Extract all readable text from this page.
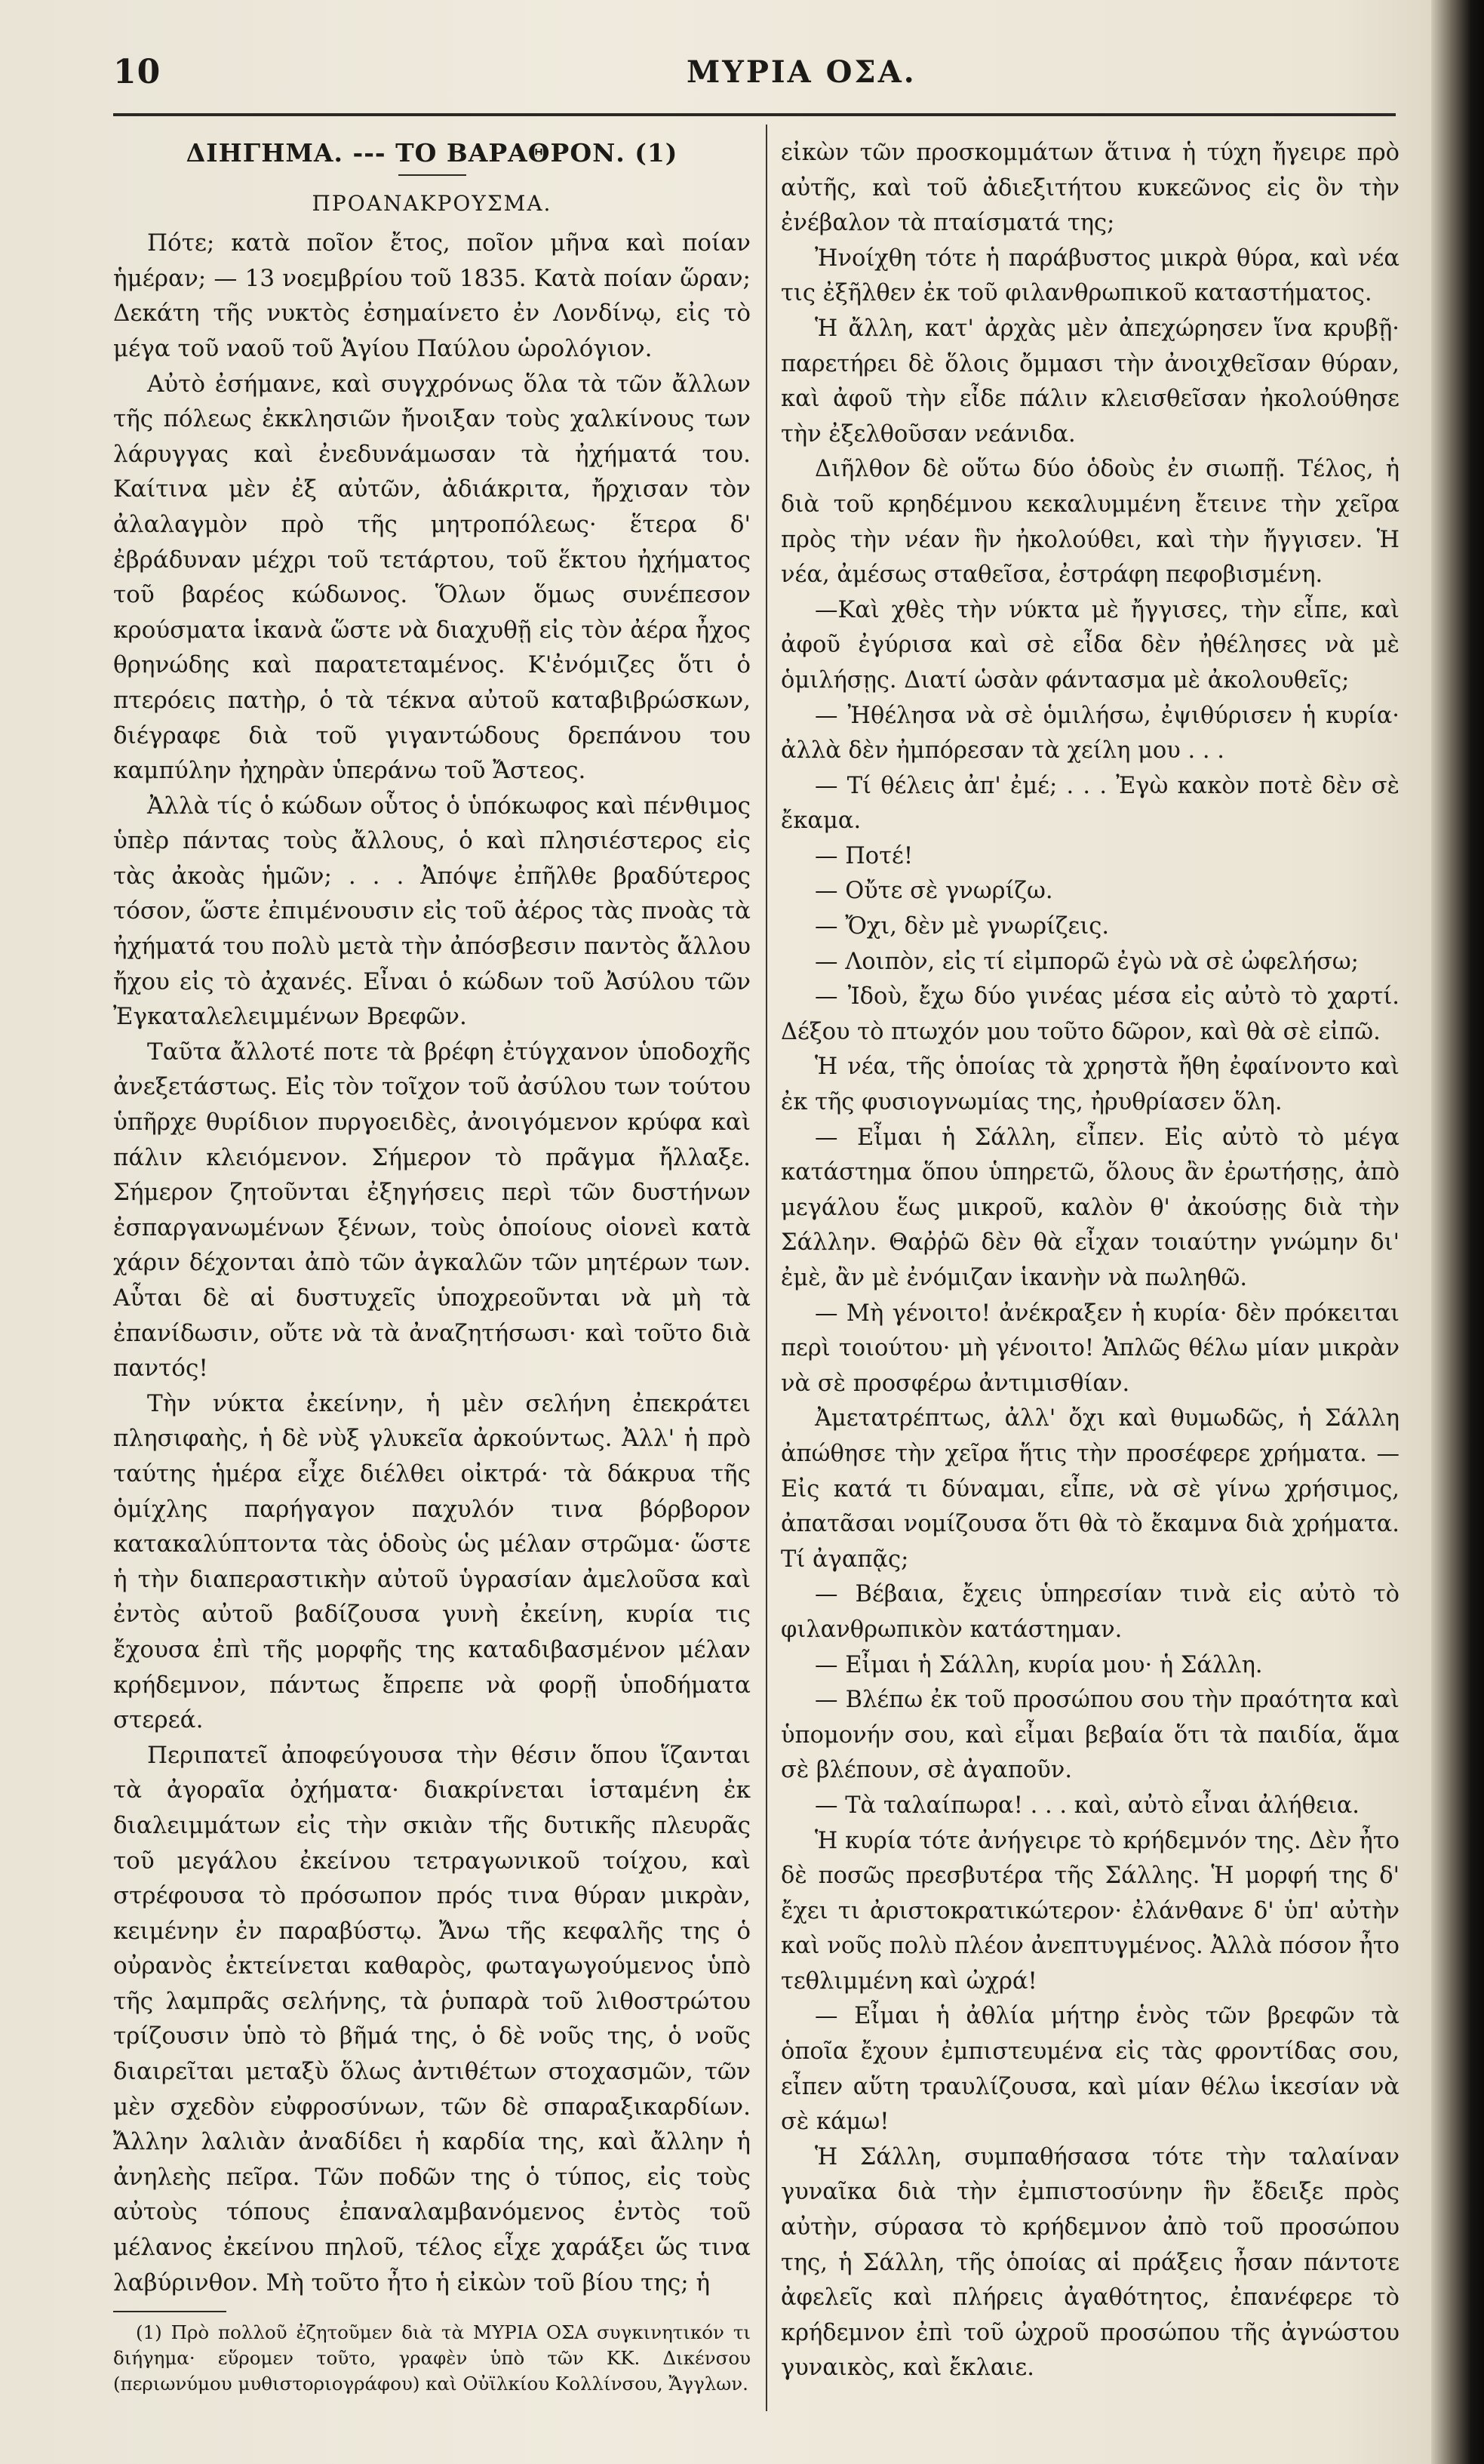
10	ΜΥΡΙΑ ΟΣΑ.
ΔΙΗΓΗΜΑ. --- ΤΟ ΒΑΡΑΘΡΟΝ. (1)
ΠΡΟΑΝΑΚΡΟΥΣΜΑ.

Πότε; κατὰ ποῖον ἔτος, ποῖον μῆνα καὶ ποίαν ἡμέραν; — 13 νοεμβρίου τοῦ 1835. Κατὰ ποίαν ὥραν; Δεκάτη τῆς νυκτὸς ἐσημαίνετο ἐν Λονδίνῳ, εἰς τὸ μέγα τοῦ ναοῦ τοῦ Ἁγίου Παύλου ὡρολόγιον.

Αὐτὸ ἐσήμανε, καὶ συγχρόνως ὅλα τὰ τῶν ἄλλων τῆς πόλεως ἐκκλησιῶν ἤνοιξαν τοὺς χαλκίνους των λάρυγγας καὶ ἐνεδυνάμωσαν τὰ ἠχήματά του. Καίτινα μὲν ἐξ αὐτῶν, ἀδιάκριτα, ἤρχισαν τὸν ἀλαλαγμὸν πρὸ τῆς μητροπόλεως· ἕτερα δ' ἐβράδυναν μέχρι τοῦ τετάρτου, τοῦ ἕκτου ἠχήματος τοῦ βαρέος κώδωνος. Ὅλων ὅμως συνέπεσον κρούσματα ἱκανὰ ὥστε νὰ διαχυθῇ εἰς τὸν ἀέρα ἦχος θρηνώδης καὶ παρατεταμένος. Κ'ἐνόμιζες ὅτι ὁ πτερόεις πατὴρ, ὁ τὰ τέκνα αὐτοῦ καταβιβρώσκων, διέγραφε διὰ τοῦ γιγαντώδους δρεπάνου του καμπύλην ἠχηρὰν ὑπεράνω τοῦ Ἄστεος.

Ἀλλὰ τίς ὁ κώδων οὗτος ὁ ὑπόκωφος καὶ πένθιμος ὑπὲρ πάντας τοὺς ἄλλους, ὁ καὶ πλησιέστερος εἰς τὰς ἀκοὰς ἡμῶν; . . . Ἀπόψε ἐπῆλθε βραδύτερος τόσον, ὥστε ἐπιμένουσιν εἰς τοῦ ἀέρος τὰς πνοὰς τὰ ἠχήματά του πολὺ μετὰ τὴν ἀπόσβεσιν παντὸς ἄλλου ἤχου εἰς τὸ ἀχανές. Εἶναι ὁ κώδων τοῦ Ἀσύλου τῶν Ἐγκαταλελειμμένων Βρεφῶν.

Ταῦτα ἄλλοτέ ποτε τὰ βρέφη ἐτύγχανον ὑποδοχῆς ἀνεξετάστως. Εἰς τὸν τοῖχον τοῦ ἀσύλου των τούτου ὑπῆρχε θυρίδιον πυργοειδὲς, ἀνοιγόμενον κρύφα καὶ πάλιν κλειόμενον. Σήμερον τὸ πρᾶγμα ἤλλαξε. Σήμερον ζητοῦνται ἐξηγήσεις περὶ τῶν δυστήνων ἐσπαργανωμένων ξένων, τοὺς ὁποίους οἱονεὶ κατὰ χάριν δέχονται ἀπὸ τῶν ἀγκαλῶν τῶν μητέρων των. Αὗται δὲ αἱ δυστυχεῖς ὑποχρεοῦνται νὰ μὴ τὰ ἐπανίδωσιν, οὔτε νὰ τὰ ἀναζητήσωσι· καὶ τοῦτο διὰ παντός!

Τὴν νύκτα ἐκείνην, ἡ μὲν σελήνη ἐπεκράτει πλησιφαὴς, ἡ δὲ νὺξ γλυκεῖα ἀρκούντως. Ἀλλ' ἡ πρὸ ταύτης ἡμέρα εἶχε διέλθει οἰκτρά· τὰ δάκρυα τῆς ὁμίχλης παρήγαγον παχυλόν τινα βόρβορον κατακαλύπτοντα τὰς ὁδοὺς ὡς μέλαν στρῶμα· ὥστε ἡ τὴν διαπεραστικὴν αὐτοῦ ὑγρασίαν ἀμελοῦσα καὶ ἐντὸς αὐτοῦ βαδίζουσα γυνὴ ἐκείνη, κυρία τις ἔχουσα ἐπὶ τῆς μορφῆς της καταδιβασμένον μέλαν κρήδεμνον, πάντως ἔπρεπε νὰ φορῇ ὑποδήματα στερεά.

Περιπατεῖ ἀποφεύγουσα τὴν θέσιν ὅπου ἵζανται τὰ ἀγοραῖα ὀχήματα· διακρίνεται ἱσταμένη ἐκ διαλειμμάτων εἰς τὴν σκιὰν τῆς δυτικῆς πλευρᾶς τοῦ μεγάλου ἐκείνου τετραγωνικοῦ τοίχου, καὶ στρέφουσα τὸ πρόσωπον πρός τινα θύραν μικρὰν, κειμένην ἐν παραβύστῳ. Ἄνω τῆς κεφαλῆς της ὁ οὐρανὸς ἐκτείνεται καθαρὸς, φωταγωγούμενος ὑπὸ τῆς λαμπρᾶς σελήνης, τὰ ῥυπαρὰ τοῦ λιθοστρώτου τρίζουσιν ὑπὸ τὸ βῆμά της, ὁ δὲ νοῦς της, ὁ νοῦς διαιρεῖται μεταξὺ ὅλως ἀντιθέτων στοχασμῶν, τῶν μὲν σχεδὸν εὐφροσύνων, τῶν δὲ σπαραξικαρδίων. Ἄλλην λαλιὰν ἀναδίδει ἡ καρδία της, καὶ ἄλλην ἡ ἀνηλεὴς πεῖρα. Τῶν ποδῶν της ὁ τύπος, εἰς τοὺς αὐτοὺς τόπους ἐπαναλαμβανόμενος ἐντὸς τοῦ μέλανος ἐκείνου πηλοῦ, τέλος εἶχε χαράξει ὥς τινα λαβύρινθον. Μὴ τοῦτο ἦτο ἡ εἰκὼν τοῦ βίου της; ἡ

(1) Πρὸ πολλοῦ ἐζητοῦμεν διὰ τὰ ΜΥΡΙΑ ΟΣΑ συγκινητικόν τι διήγημα· εὕρομεν τοῦτο, γραφὲν ὑπὸ τῶν ΚΚ. Δικένσου (περιωνύμου μυθιστοριογράφου) καὶ Οὐϊλκίου Κολλίνσου, Ἄγγλων.

εἰκὼν τῶν προσκομμάτων ἅτινα ἡ τύχη ἤγειρε πρὸ αὐτῆς, καὶ τοῦ ἀδιεξιτήτου κυκεῶνος εἰς ὃν τὴν ἐνέβαλον τὰ πταίσματά της;

Ἠνοίχθη τότε ἡ παράβυστος μικρὰ θύρα, καὶ νέα τις ἐξῆλθεν ἐκ τοῦ φιλανθρωπικοῦ καταστήματος.

Ἡ ἄλλη, κατ' ἀρχὰς μὲν ἀπεχώρησεν ἵνα κρυβῇ· παρετήρει δὲ ὅλοις ὄμμασι τὴν ἀνοιχθεῖσαν θύραν, καὶ ἀφοῦ τὴν εἶδε πάλιν κλεισθεῖσαν ἠκολούθησε τὴν ἐξελθοῦσαν νεάνιδα.

Διῆλθον δὲ οὕτω δύο ὁδοὺς ἐν σιωπῇ. Τέλος, ἡ διὰ τοῦ κρηδέμνου κεκαλυμμένη ἔτεινε τὴν χεῖρα πρὸς τὴν νέαν ἣν ἠκολούθει, καὶ τὴν ἤγγισεν. Ἡ νέα, ἀμέσως σταθεῖσα, ἐστράφη πεφοβισμένη.

—Καὶ χθὲς τὴν νύκτα μὲ ἤγγισες, τὴν εἶπε, καὶ ἀφοῦ ἐγύρισα καὶ σὲ εἶδα δὲν ἠθέλησες νὰ μὲ ὁμιλήσῃς. Διατί ὡσὰν φάντασμα μὲ ἀκολουθεῖς;

— Ἠθέλησα νὰ σὲ ὁμιλήσω, ἐψιθύρισεν ἡ κυρία· ἀλλὰ δὲν ἠμπόρεσαν τὰ χείλη μου . . .

— Τί θέλεις ἀπ' ἐμέ; . . . Ἐγὼ κακὸν ποτὲ δὲν σὲ ἔκαμα.

— Ποτέ!

— Οὔτε σὲ γνωρίζω.

— Ὄχι, δὲν μὲ γνωρίζεις.

— Λοιπὸν, εἰς τί εἰμπορῶ ἐγὼ νὰ σὲ ὠφελήσω;

— Ἰδοὺ, ἔχω δύο γινέας μέσα εἰς αὐτὸ τὸ χαρτί. Δέξου τὸ πτωχόν μου τοῦτο δῶρον, καὶ θὰ σὲ εἰπῶ.

Ἡ νέα, τῆς ὁποίας τὰ χρηστὰ ἤθη ἐφαίνοντο καὶ ἐκ τῆς φυσιογνωμίας της, ἠρυθρίασεν ὅλη.

— Εἶμαι ἡ Σάλλη, εἶπεν. Εἰς αὐτὸ τὸ μέγα κατάστημα ὅπου ὑπηρετῶ, ὅλους ἂν ἐρωτήσῃς, ἀπὸ μεγάλου ἕως μικροῦ, καλὸν θ' ἀκούσῃς διὰ τὴν Σάλλην. Θαῤῥῶ δὲν θὰ εἶχαν τοιαύτην γνώμην δι' ἐμὲ, ἂν μὲ ἐνόμιζαν ἱκανὴν νὰ πωληθῶ.

— Μὴ γένοιτο! ἀνέκραξεν ἡ κυρία· δὲν πρόκειται περὶ τοιούτου· μὴ γένοιτο! Ἁπλῶς θέλω μίαν μικρὰν νὰ σὲ προσφέρω ἀντιμισθίαν.

Ἀμετατρέπτως, ἀλλ' ὄχι καὶ θυμωδῶς, ἡ Σάλλη ἀπώθησε τὴν χεῖρα ἥτις τὴν προσέφερε χρήματα. — Εἰς κατά τι δύναμαι, εἶπε, νὰ σὲ γίνω χρήσιμος, ἀπατᾶσαι νομίζουσα ὅτι θὰ τὸ ἔκαμνα διὰ χρήματα. Τί ἀγαπᾷς;

— Βέβαια, ἔχεις ὑπηρεσίαν τινὰ εἰς αὐτὸ τὸ φιλανθρωπικὸν κατάστημαν.

— Εἶμαι ἡ Σάλλη, κυρία μου· ἡ Σάλλη.

— Βλέπω ἐκ τοῦ προσώπου σου τὴν πραότητα καὶ ὑπομονήν σου, καὶ εἶμαι βεβαία ὅτι τὰ παιδία, ἅμα σὲ βλέπουν, σὲ ἀγαποῦν.

— Τὰ ταλαίπωρα! . . . καὶ, αὐτὸ εἶναι ἀλήθεια.

Ἡ κυρία τότε ἀνήγειρε τὸ κρήδεμνόν της. Δὲν ἦτο δὲ ποσῶς πρεσβυτέρα τῆς Σάλλης. Ἡ μορφή της δ' ἔχει τι ἀριστοκρατικώτερον· ἐλάνθανε δ' ὑπ' αὐτὴν καὶ νοῦς πολὺ πλέον ἀνεπτυγμένος. Ἀλλὰ πόσον ἦτο τεθλιμμένη καὶ ὠχρά!

— Εἶμαι ἡ ἀθλία μήτηρ ἑνὸς τῶν βρεφῶν τὰ ὁποῖα ἔχουν ἐμπιστευμένα εἰς τὰς φροντίδας σου, εἶπεν αὕτη τραυλίζουσα, καὶ μίαν θέλω ἱκεσίαν νὰ σὲ κάμω!

Ἡ Σάλλη, συμπαθήσασα τότε τὴν ταλαίναν γυναῖκα διὰ τὴν ἐμπιστοσύνην ἣν ἔδειξε πρὸς αὐτὴν, σύρασα τὸ κρήδεμνον ἀπὸ τοῦ προσώπου της, ἡ Σάλλη, τῆς ὁποίας αἱ πράξεις ἦσαν πάντοτε ἀφελεῖς καὶ πλήρεις ἀγαθότητος, ἐπανέφερε τὸ κρήδεμνον ἐπὶ τοῦ ὠχροῦ προσώπου τῆς ἀγνώστου γυναικὸς, καὶ ἔκλαιε.
